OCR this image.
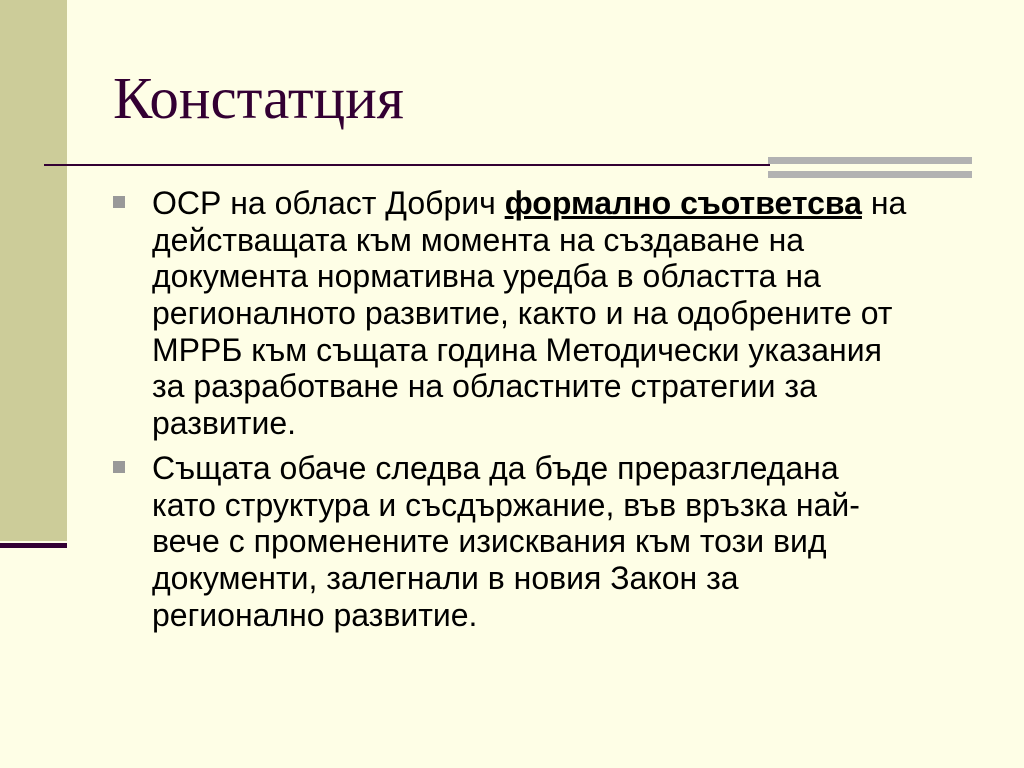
Констатция
ОСР на област Добрич формално съответсва на
действащата към момента на създаване на
документа нормативна уредба в областта на
регионалното развитие, както и на одобрените от
МРРБ към същата година Методически указания
за разработване на областните стратегии за
развитие.
Същата обаче следва да бъде преразгледана
като структура и съсдържание, във връзка най-
вече с променените изисквания към този вид
документи, залегнали в новия Закон за
регионално развитие.
